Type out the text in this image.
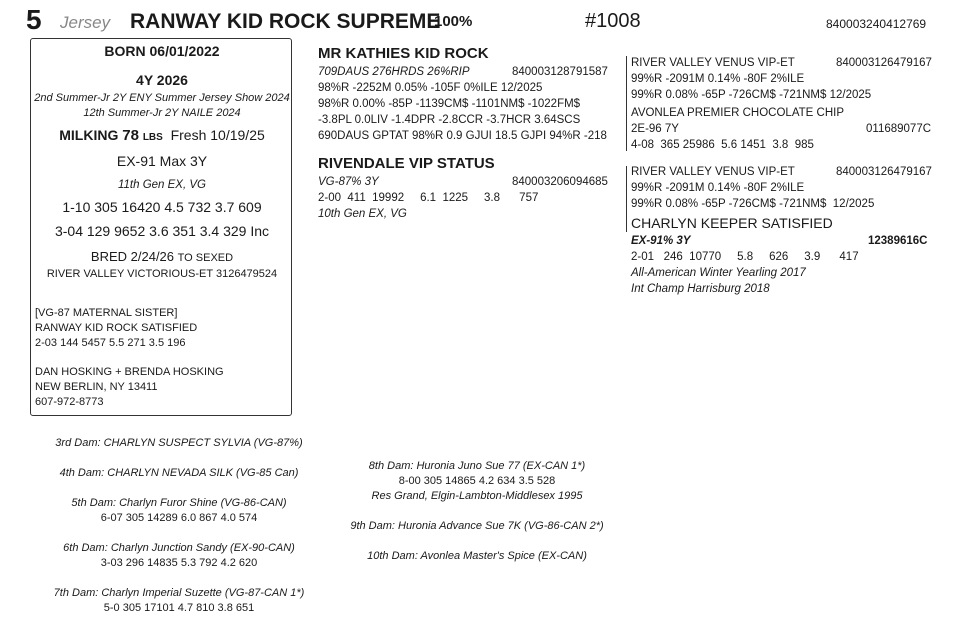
5 Jersey RANWAY KID ROCK SUPREME
100%	#1008	840003240412769
BORN 06/01/2022
4Y 2026
2nd Summer-Jr 2Y ENY Summer Jersey Show 2024
12th Summer-Jr 2Y NAILE 2024
MILKING 78 LBS Fresh 10/19/25
EX-91 Max 3Y
11th Gen EX, VG
1-10 305 16420 4.5 732 3.7 609
3-04 129 9652 3.6 351 3.4 329 Inc
BRED 2/24/26 TO SEXED
RIVER VALLEY VICTORIOUS-ET 3126479524
[VG-87 MATERNAL SISTER]
RANWAY KID ROCK SATISFIED
2-03 144 5457 5.5 271 3.5 196
DAN HOSKING + BRENDA HOSKING
NEW BERLIN, NY 13411
607-972-8773
MR KATHIES KID ROCK
709DAUS 276HRDS 26%RIP	840003128791587
98%R -2252M 0.05% -105F 0%ILE 12/2025
98%R 0.00% -85P -1139CM$ -1101NM$ -1022FM$
-3.8PL 0.0LIV -1.4DPR -2.8CCR -3.7HCR 3.64SCS
690DAUS GPTAT 98%R 0.9 GJUI 18.5 GJPI 94%R -218
RIVENDALE VIP STATUS
VG-87% 3Y	840003206094685
2-00  411  19992     6.1  1225     3.8      757
10th Gen EX, VG
RIVER VALLEY VENUS VIP-ET	840003126479167
99%R -2091M 0.14% -80F 2%ILE
99%R 0.08% -65P -726CM$ -721NM$ 12/2025
AVONLEA PREMIER CHOCOLATE CHIP
2E-96 7Y	011689077C
4-08  365 25986  5.6 1451  3.8  985
RIVER VALLEY VENUS VIP-ET	840003126479167
99%R -2091M 0.14% -80F 2%ILE
99%R 0.08% -65P -726CM$ -721NM$  12/2025
CHARLYN KEEPER SATISFIED
EX-91% 3Y	12389616C
2-01   246  10770     5.8     626     3.9      417
All-American Winter Yearling 2017
Int Champ Harrisburg 2018
3rd Dam: CHARLYN SUSPECT SYLVIA (VG-87%)
4th Dam: CHARLYN NEVADA SILK (VG-85 Can)
5th Dam: Charlyn Furor Shine (VG-86-CAN)
6-07 305 14289 6.0 867 4.0 574
6th Dam: Charlyn Junction Sandy (EX-90-CAN)
3-03 296 14835 5.3 792 4.2 620
7th Dam: Charlyn Imperial Suzette (VG-87-CAN 1*)
5-0 305 17101 4.7 810 3.8 651
8th Dam: Huronia Juno Sue 77 (EX-CAN 1*)
8-00 305 14865 4.2 634 3.5 528
Res Grand, Elgin-Lambton-Middlesex 1995
9th Dam: Huronia Advance Sue 7K (VG-86-CAN 2*)
10th Dam: Avonlea Master's Spice (EX-CAN)
